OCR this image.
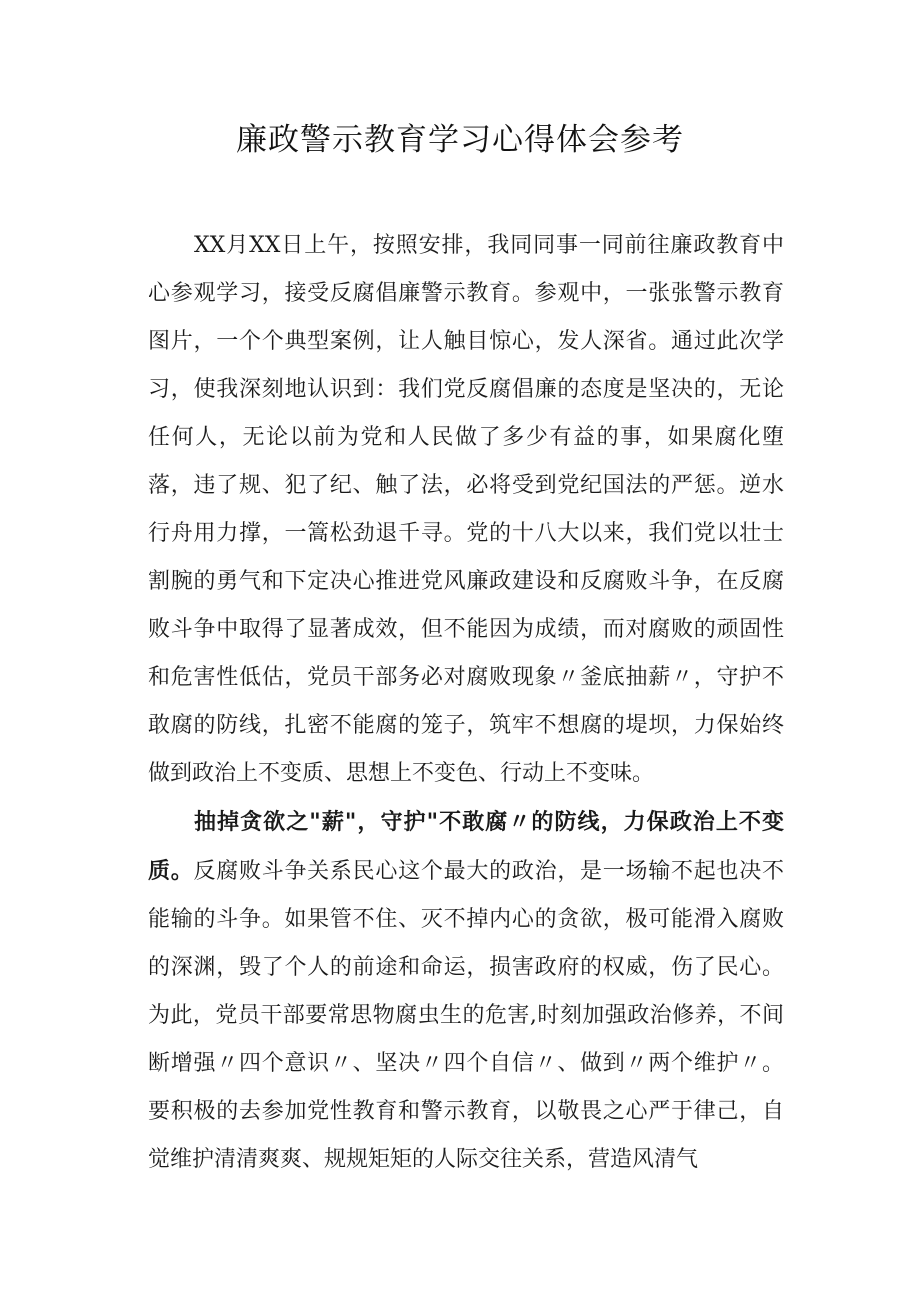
廉政警示教育学习心得体会参考

XX月XX日上午，按照安排，我同同事一同前往廉政教育中心参观学习，接受反腐倡廉警示教育。参观中，一张张警示教育图片，一个个典型案例，让人触目惊心，发人深省。通过此次学习，使我深刻地认识到：我们党反腐倡廉的态度是坚决的，无论任何人，无论以前为党和人民做了多少有益的事，如果腐化堕落，违了规、犯了纪、触了法，必将受到党纪国法的严惩。逆水行舟用力撑，一篙松劲退千寻。党的十八大以来，我们党以壮士割腕的勇气和下定决心推进党风廉政建设和反腐败斗争，在反腐败斗争中取得了显著成效，但不能因为成绩，而对腐败的顽固性和危害性低估，党员干部务必对腐败现象〃釜底抽薪〃，守护不敢腐的防线，扎密不能腐的笼子，筑牢不想腐的堤坝，力保始终做到政治上不变质、思想上不变色、行动上不变味。

抽掉贪欲之"薪"，守护"不敢腐〃的防线，力保政治上不变质。反腐败斗争关系民心这个最大的政治，是一场输不起也决不能输的斗争。如果管不住、灭不掉内心的贪欲，极可能滑入腐败的深渊，毁了个人的前途和命运，损害政府的权威，伤了民心。为此，党员干部要常思物腐虫生的危害,时刻加强政治修养，不间断增强〃四个意识〃、坚决〃四个自信〃、做到〃两个维护〃。要积极的去参加党性教育和警示教育，以敬畏之心严于律己，自觉维护清清爽爽、规规矩矩的人际交往关系，营造风清气
